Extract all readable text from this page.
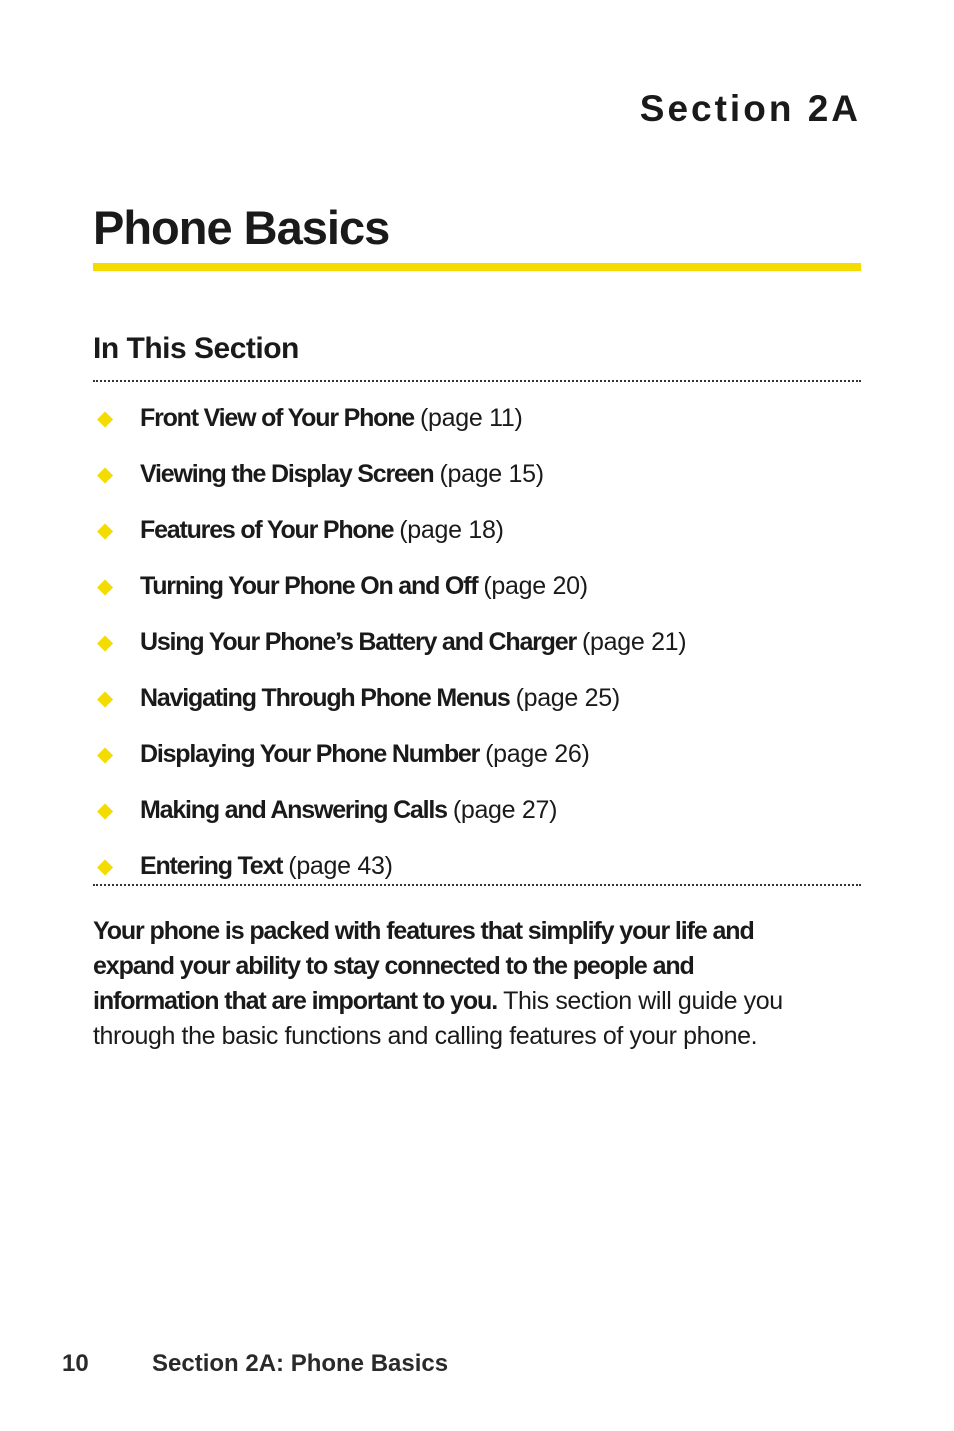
Section 2A
Phone Basics
In This Section
◆	Front View of Your Phone (page 11)
◆	Viewing the Display Screen (page 15)
◆	Features of Your Phone (page 18)
◆	Turning Your Phone On and Off (page 20)
◆	Using Your Phone’s Battery and Charger (page 21)
◆	Navigating Through Phone Menus (page 25)
◆	Displaying Your Phone Number (page 26)
◆	Making and Answering Calls (page 27)
◆	Entering Text (page 43)

Your phone is packed with features that simplify your life and expand your ability to stay connected to the people and information that are important to you. This section will guide you through the basic functions and calling features of your phone.

10	Section 2A: Phone Basics
